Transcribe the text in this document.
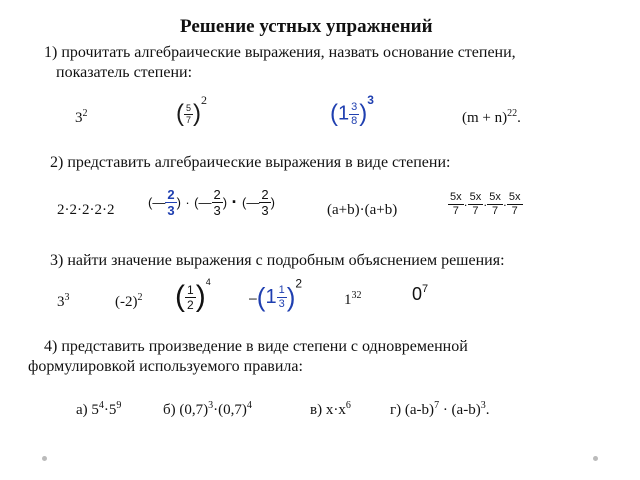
Решение устных упражнений
1) прочитать алгебраические выражения, назвать основание степени,
показатель степени:
$3^2$	( $\frac{5}{7} )^2$	$(1 \frac{3}{8} )^3$
$(m + n)^{22}$.
2) представить алгебраические выражения в виде степени:
2·2·2·2·2	(— $\frac{2}{3}$ ) · (— $\frac{2}{3}$ ) · (— $\frac{2}{3}$ )	(a+b)·(a+b)	$\frac{5x}{7} \cdot \frac{5x}{7} \cdot \frac{5x}{7} \cdot \frac{5x}{7}$
3) найти значение выражения с подробным объяснением решения:
$3^3$	$(-2)^2$ ( $\frac{1}{2} )^4$
$-(1 \frac{1}{3} )^2$
$1^{32}$	$0^7$
4) представить произведение в виде степени с одновременной
формулировкой используемого правила:
а) $5^4\cdot 5^9$	б) $(0,7)^3\cdot(0,7)^4$	в) $x\cdot x^6$	г) $(a-b)^7 \cdot (a-b)^3$.
